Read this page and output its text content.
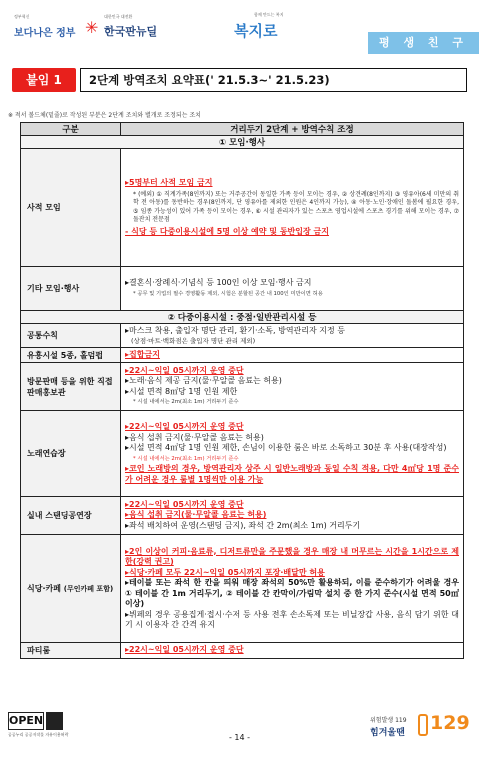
정부혁신
보다나은 정부 ✳
대한민국 대전환
한국판뉴딜
함께 만드는 복지
복지로
평 생 친 구
붙임 1	2단계 방역조치 요약표(' 21.5.3~' 21.5.23)
※ 적서 볼드체(밑줄)로 작성된 부분은 2단계 조치와 별개로 조정되는 조치
구분	거리두기 2단계 + 방역수칙 조정
① 모임·행사	
사적 모임	▸5명부터 사적 모임 금지
* (예외) ① 직계가족(8인까지) 또는 거주공간이 동일한 가족 등이 모이는 경우, ② 상견례(8인까지) ③ 영유아(6세 미만의 취학 전 아동)를 동반하는 경우(8인까지, 단 영유아를 제외한 인원은 4인까지 가능), ④ 아동·노인·장애인 돌봄에 필요한 경우, ⑤ 임종 가능성이 있어 가족 등이 모이는 경우, ⑥ 시설 관리자가 있는 스포츠 영업시설에 스포츠 경기를 위해 모이는 경우, ⑦ 돌잔치 전문점
- 식당 등 다중이용시설에 5명 이상 예약 및 동반입장 금지

기타 모임·행사	▸결혼식·장례식·기념식 등 100인 이상 모임·행사 금지
* 공무 및 기업의 필수 경영활동 제외, 시험은 분할된 공간 내 100인 미만이면 허용

② 다중이용시설 : 중점·일반관리시설 등	
공통수칙	▸마스크 착용, 출입자 명단 관리, 환기·소독, 방역관리자 지정 등
(상점·마트·백화점은 출입자 명단 관리 제외)

유흥시설 5종, 홀덤펍	▸집합금지

방문판매 등을 위한 직접판매홍보관	▸22시~익일 05시까지 운영 중단
▸노래·음식 제공 금지(물·무알콜 음료는 허용)
▸시설 면적 8㎡당 1명 인원 제한
* 시설 내에서는 2m(최소 1m) 거리두기 준수

노래연습장	▸22시~익일 05시까지 운영 중단
▸음식 섭취 금지(물·무알콜 음료는 허용)
▸시설 면적 4㎡당 1명 인원 제한, 손님이 이용한 룸은 바로 소독하고 30분 후 사용(대장작성)
* 시설 내에서는 2m(최소 1m) 거리두기 준수
▸코인 노래방의 경우, 방역관리자 상주 시 일반노래방과 동일 수칙 적용, 다만 4㎡당 1명 준수가 어려운 경우 룸별 1명씩만 이용 가능

실내 스탠딩공연장	▸22시~익일 05시까지 운영 중단
▸음식 섭취 금지(물·무알콜 음료는 허용)
▸좌석 배치하여 운영(스탠딩 금지), 좌석 간 2m(최소 1m) 거리두기

식당·카페 (무인카페 포함)	▸2인 이상이 커피·음료류, 디저트류만을 주문했을 경우 매장 내 머무르는 시간을 1시간으로 제한(강력 권고)
▸식당·카페 모두 22시~익일 05시까지 포장·배달만 허용
▸테이블 또는 좌석 한 칸을 띄워 매장 좌석의 50%만 활용하되, 이를 준수하기가 어려울 경우 ① 테이블 간 1m 거리두기, ② 테이블 간 칸막이/가림막 설치 중 한 가지 준수(시설 면적 50㎡ 이상)
▸뷔페의 경우 공용집게·접시·수저 등 사용 전후 손소독제 또는 비닐장갑 사용, 음식 담기 위한 대기 시 이용자 간 간격 유지

파티룸	▸22시~익일 05시까지 운영 중단
OPEN
공공누리 공공저작물 자유이용허락	- 14 -
위험발생 119
힘겨울땐 129
